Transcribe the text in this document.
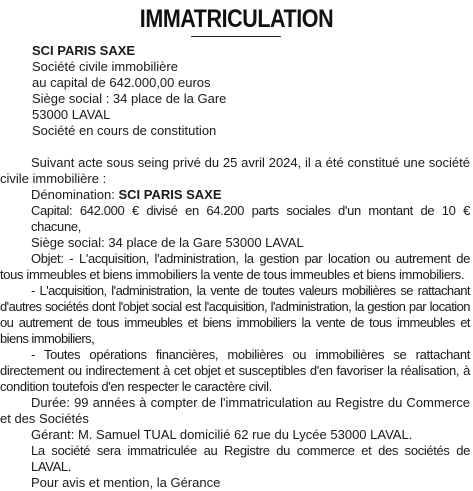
IMMATRICULATION
SCI PARIS SAXE
Société civile immobilière
au capital de 642.000,00 euros
Siège social : 34 place de la Gare
53000 LAVAL
Société en cours de constitution

Suivant acte sous seing privé du 25 avril 2024, il a été constitué une société civile immobilière :

Dénomination: SCI PARIS SAXE

Capital: 642.000 € divisé en 64.200 parts sociales d'un montant de 10 € chacune,

Siège social: 34 place de la Gare 53000 LAVAL

Objet: - L'acquisition, l'administration, la gestion par location ou autrement de tous immeubles et biens immobiliers la vente de tous immeubles et biens immobiliers.

- L'acquisition, l'administration, la vente de toutes valeurs mobilières se rattachant d'autres sociétés dont l'objet social est l'acquisition, l'administration, la gestion par location ou autrement de tous immeubles et biens immobiliers la vente de tous immeubles et biens immobiliers,

- Toutes opérations financières, mobilières ou immobilières se rattachant directement ou indirectement à cet objet et susceptibles d'en favoriser la réalisation, à condition toutefois d'en respecter le caractère civil.

Durée: 99 années à compter de l'immatriculation au Registre du Commerce et des Sociétés

Gérant: M. Samuel TUAL domicilié 62 rue du Lycée 53000 LAVAL.

La société sera immatriculée au Registre du commerce et des sociétés de LAVAL.

Pour avis et mention, la Gérance
